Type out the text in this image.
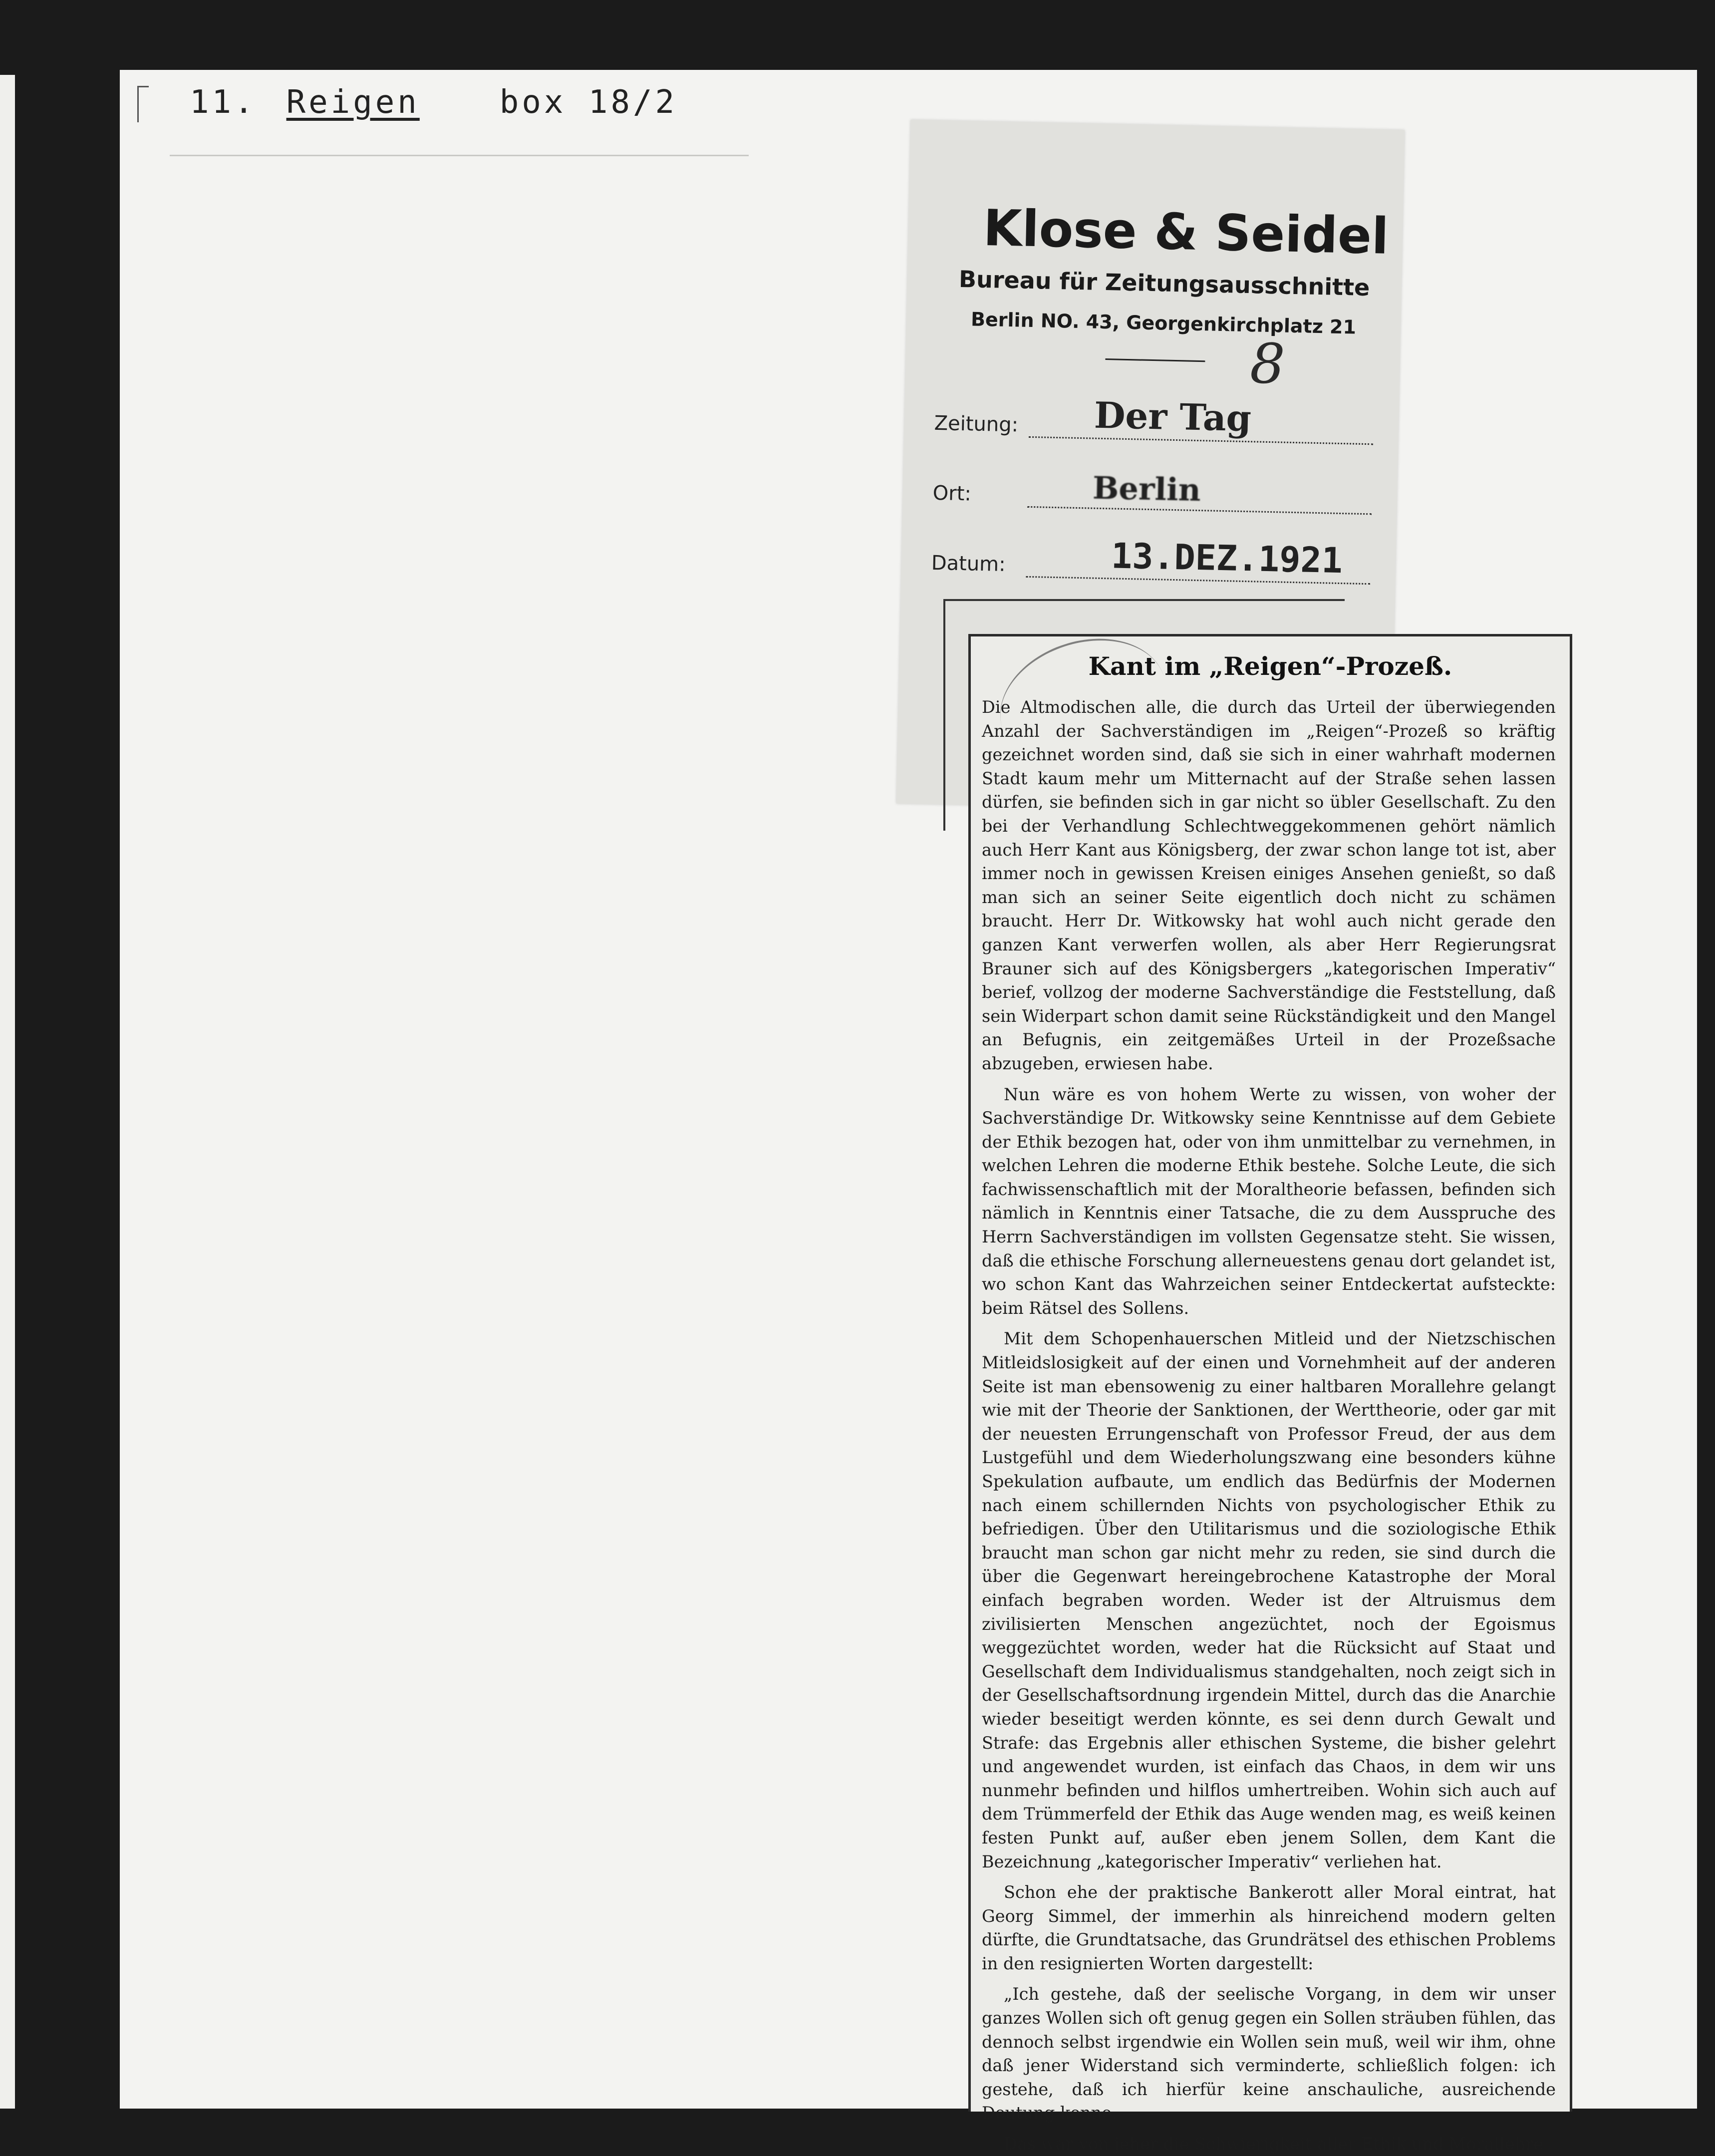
11. Reigen	box 18/2
Klose & Seidel
Bureau für Zeitungsausschnitte
Berlin NO. 43, Georgenkirchplatz 21
8
Zeitung: Der Tag
Ort:	Berlin
Datum:	13.DEZ.1921
Kant im „Reigen“-Prozeß.

Die Altmodischen alle, die durch das Urteil der überwiegenden Anzahl der Sachverständigen im „Reigen“-Prozeß so kräftig gezeichnet worden sind, daß sie sich in einer wahrhaft modernen Stadt kaum mehr um Mitternacht auf der Straße sehen lassen dürfen, sie befinden sich in gar nicht so übler Gesellschaft. Zu den bei der Verhandlung Schlechtweggekommenen gehört nämlich auch Herr Kant aus Königsberg, der zwar schon lange tot ist, aber immer noch in gewissen Kreisen einiges Ansehen genießt, so daß man sich an seiner Seite eigentlich doch nicht zu schämen braucht. Herr Dr. Witkowsky hat wohl auch nicht gerade den ganzen Kant verwerfen wollen, als aber Herr Regierungsrat Brauner sich auf des Königsbergers „kategorischen Imperativ“ berief, vollzog der moderne Sachverständige die Feststellung, daß sein Widerpart schon damit seine Rückständigkeit und den Mangel an Befugnis, ein zeitgemäßes Urteil in der Prozeßsache abzugeben, erwiesen habe.

Nun wäre es von hohem Werte zu wissen, von woher der Sachverständige Dr. Witkowsky seine Kenntnisse auf dem Gebiete der Ethik bezogen hat, oder von ihm unmittelbar zu vernehmen, in welchen Lehren die moderne Ethik bestehe. Solche Leute, die sich fachwissenschaftlich mit der Moraltheorie befassen, befinden sich nämlich in Kenntnis einer Tatsache, die zu dem Ausspruche des Herrn Sachverständigen im vollsten Gegensatze steht. Sie wissen, daß die ethische Forschung allerneuestens genau dort gelandet ist, wo schon Kant das Wahrzeichen seiner Entdeckertat aufsteckte: beim Rätsel des Sollens.

Mit dem Schopenhauerschen Mitleid und der Nietzschischen Mitleidslosigkeit auf der einen und Vornehmheit auf der anderen Seite ist man ebensowenig zu einer haltbaren Morallehre gelangt wie mit der Theorie der Sanktionen, der Werttheorie, oder gar mit der neuesten Errungenschaft von Professor Freud, der aus dem Lustgefühl und dem Wiederholungszwang eine besonders kühne Spekulation aufbaute, um endlich das Bedürfnis der Modernen nach einem schillernden Nichts von psychologischer Ethik zu befriedigen. Über den Utilitarismus und die soziologische Ethik braucht man schon gar nicht mehr zu reden, sie sind durch die über die Gegenwart hereingebrochene Katastrophe der Moral einfach begraben worden. Weder ist der Altruismus dem zivilisierten Menschen angezüchtet, noch der Egoismus weggezüchtet worden, weder hat die Rücksicht auf Staat und Gesellschaft dem Individualismus standgehalten, noch zeigt sich in der Gesellschaftsordnung irgendein Mittel, durch das die Anarchie wieder beseitigt werden könnte, es sei denn durch Gewalt und Strafe: das Ergebnis aller ethischen Systeme, die bisher gelehrt und angewendet wurden, ist einfach das Chaos, in dem wir uns nunmehr befinden und hilflos umhertreiben. Wohin sich auch auf dem Trümmerfeld der Ethik das Auge wenden mag, es weiß keinen festen Punkt auf, außer eben jenem Sollen, dem Kant die Bezeichnung „kategorischer Imperativ“ verliehen hat.

Schon ehe der praktische Bankerott aller Moral eintrat, hat Georg Simmel, der immerhin als hinreichend modern gelten dürfte, die Grundtatsache, das Grundrätsel des ethischen Problems in den resignierten Worten dargestellt:

„Ich gestehe, daß der seelische Vorgang, in dem wir unser ganzes Wollen sich oft genug gegen ein Sollen sträuben fühlen, das dennoch selbst irgendwie ein Wollen sein muß, weil wir ihm, ohne daß jener Widerstand sich verminderte, schließlich folgen: ich gestehe, daß ich hierfür keine anschauliche, ausreichende Deutung kenne. — —

Das war von jeher die Schwierigkeit aller Ethik und Morallehre
